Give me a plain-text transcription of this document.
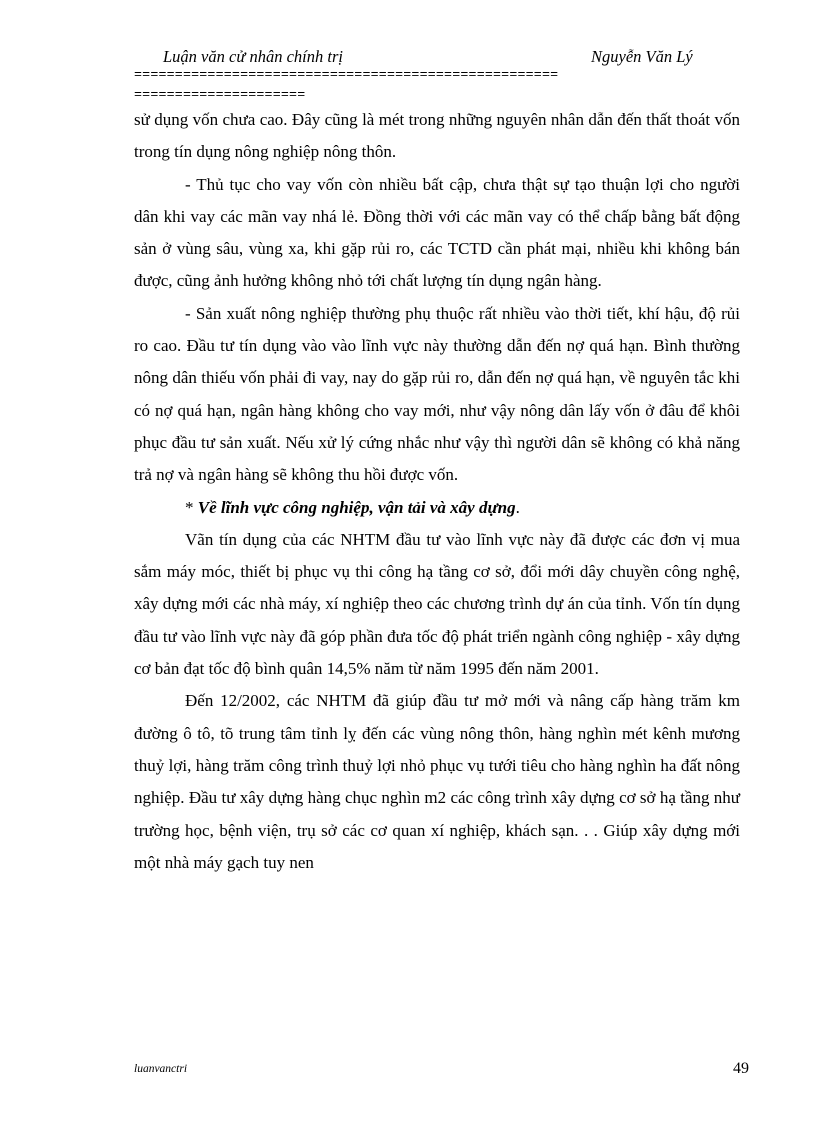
Luận văn cử nhân chính trị	Nguyễn Văn Lý
====================================================
=====================

sử dụng vốn chưa cao. Đây cũng là mét trong những nguyên nhân dẫn đến thất thoát vốn trong tín dụng nông nghiệp nông thôn.

- Thủ tục cho vay vốn còn nhiều bất cập, chưa thật sự tạo thuận lợi cho người dân khi vay các mãn vay nhá lẻ. Đồng thời với các mãn vay có thể chấp bằng bất động sản ở vùng sâu, vùng xa, khi gặp rủi ro, các TCTD cần phát mại, nhiều khi không bán được, cũng ảnh hưởng không nhỏ tới chất lượng tín dụng ngân hàng.

- Sản xuất nông nghiệp thường phụ thuộc rất nhiều vào thời tiết, khí hậu, độ rủi ro cao. Đầu tư tín dụng vào vào lĩnh vực này thường dẫn đến nợ quá hạn. Bình thường nông dân thiếu vốn phải đi vay, nay do gặp rủi ro, dẫn đến nợ quá hạn, về nguyên tắc khi có nợ quá hạn, ngân hàng không cho vay mới, như vậy nông dân lấy vốn ở đâu để khôi phục đầu tư sản xuất. Nếu xử lý cứng nhắc như vậy thì người dân sẽ không có khả năng trả nợ và ngân hàng sẽ không thu hồi được vốn.

* Về lĩnh vực công nghiệp, vận tải và xây dựng.

Vãn tín dụng của các NHTM đầu tư vào lĩnh vực này đã được các đơn vị mua sắm máy móc, thiết bị phục vụ thi công hạ tầng cơ sở, đổi mới dây chuyền công nghệ, xây dựng mới các nhà máy, xí nghiệp theo các chương trình dự án của tỉnh. Vốn tín dụng đầu tư vào lĩnh vực này đã góp phần đưa tốc độ phát triển ngành công nghiệp - xây dựng cơ bản đạt tốc độ bình quân 14,5% năm từ năm 1995 đến năm 2001.

Đến 12/2002, các NHTM đã giúp đầu tư mở mới và nâng cấp hàng trăm km đường ô tô, tõ trung tâm tỉnh lỵ đến các vùng nông thôn, hàng nghìn mét kênh mương thuỷ lợi, hàng trăm công trình thuỷ lợi nhỏ phục vụ tưới tiêu cho hàng nghìn ha đất nông nghiệp. Đầu tư xây dựng hàng chục nghìn m2 các công trình xây dựng cơ sở hạ tầng như trường học, bệnh viện, trụ sở các cơ quan xí nghiệp, khách sạn. . . Giúp xây dựng mới một nhà máy gạch tuy nen

luanvanctri	49
